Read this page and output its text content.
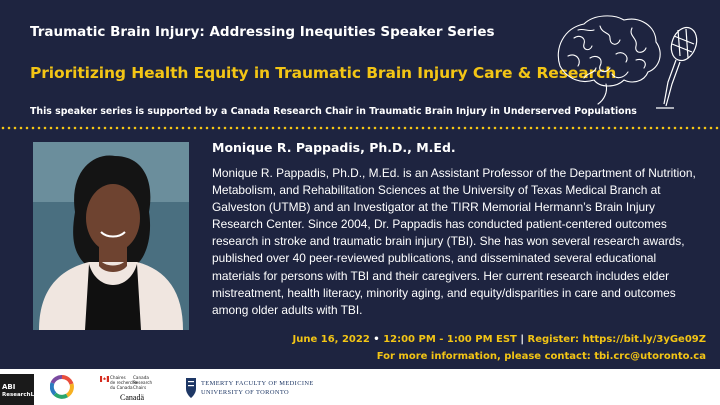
Traumatic Brain Injury: Addressing Inequities Speaker Series
Prioritizing Health Equity in Traumatic Brain Injury Care & Research
This speaker series is supported by a Canada Research Chair in Traumatic Brain Injury in Underserved Populations
Monique R. Pappadis, Ph.D., M.Ed.
Monique R. Pappadis, Ph.D., M.Ed. is an Assistant Professor of the Department of Nutrition, Metabolism, and Rehabilitation Sciences at the University of Texas Medical Branch at Galveston (UTMB) and an Investigator at the TIRR Memorial Hermann’s Brain Injury Research Center. Since 2004, Dr. Pappadis has conducted patient-centered outcomes research in stroke and traumatic brain injury (TBI). She has won several research awards, published over 40 peer-reviewed publications, and disseminated several educational materials for persons with TBI and their caregivers. Her current research includes elder mistreatment, health literacy, minority aging, and equity/disparities in care and outcomes among older adults with TBI.
June 16, 2022 • 12:00 PM - 1:00 PM EST | Register: https://bit.ly/3yGe09Z
For more information, please contact: tbi.crc@utoronto.ca
ABI
ResearchLab
Chaires
de recherche
du Canada
Canada
Research
Chairs
Canadä
TEMERTY FACULTY OF MEDICINE
UNIVERSITY OF TORONTO
